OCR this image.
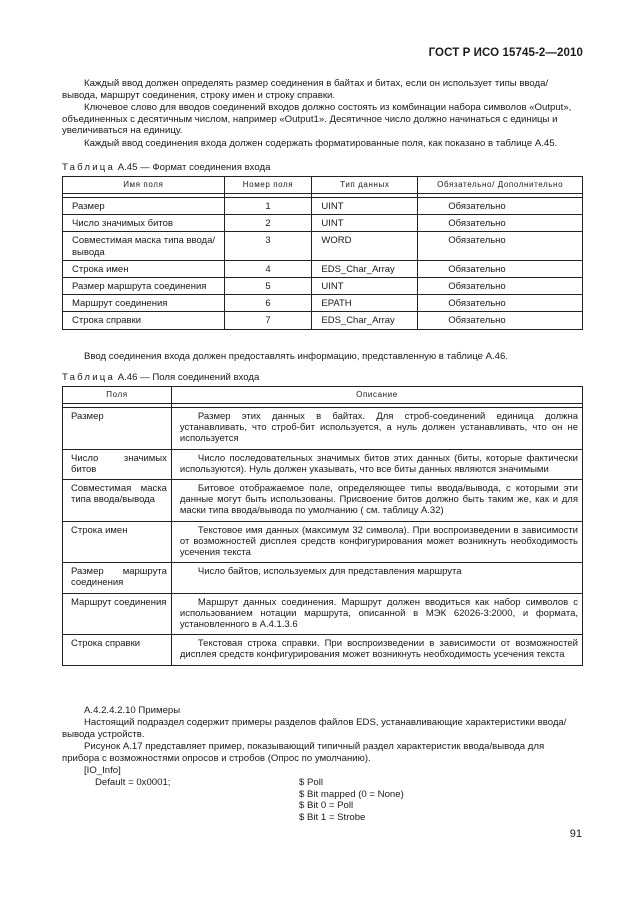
ГОСТ Р ИСО 15745-2—2010
Каждый ввод должен определять размер соединения в байтах и битах, если он использует типы ввода/вывода, маршрут соединения, строку имен и строку справки.
Ключевое слово для вводов соединений входов должно состоять из комбинации набора символов «Output», объединенных с десятичным числом, например «Output1». Десятичное число должно начинаться с единицы и увеличиваться на единицу.
Каждый ввод соединения входа должен содержать форматированные поля, как показано в таблице А.45.
Таблица А.45 — Формат соединения входа
Имя поля	Номер поля	Тип данных	Обязательно/ Дополнительно

Размер	1	UINT	Обязательно
Число значимых битов	2	UINT	Обязательно
Совместимая маска типа ввода/вывода	3	WORD	Обязательно
Строка имен	4	EDS_Char_Array	Обязательно
Размер маршрута соединения	5	UINT	Обязательно
Маршрут соединения	6	EPATH	Обязательно
Строка справки	7	EDS_Char_Array	Обязательно
Ввод соединения входа должен предоставлять информацию, представленную в таблице А.46.
Таблица А.46 — Поля соединений входа
Поля	Описание

Размер	Размер этих данных в байтах. Для строб-соединений единица должна устанавливать, что строб-бит используется, а нуль должен устанавливать, что он не используется
Число значимых битов	Число последовательных значимых битов этих данных (биты, которые фактически используются). Нуль должен указывать, что все биты данных являются значимыми
Совместимая маска типа ввода/вывода	Битовое отображаемое поле, определяющее типы ввода/вывода, с которыми эти данные могут быть использованы. Присвоение битов должно быть таким же, как и для маски типа ввода/вывода по умолчанию ( см. таблицу А.32)
Строка имен	Текстовое имя данных (максимум 32 символа). При воспроизведении в зависимости от возможностей дисплея средств конфигурирования может возникнуть необходимость усечения текста
Размер маршрута соединения	Число байтов, используемых для представления маршрута
Маршрут соединения	Маршрут данных соединения. Маршрут должен вводиться как набор символов с использованием нотации маршрута, описанной в МЭК 62026-3:2000, и формата, установленного в А.4.1.3.6
Строка справки	Текстовая строка справки. При воспроизведении в зависимости от возможностей дисплея средств конфигурирования может возникнуть необходимость усечения текста
А.4.2.4.2.10 Примеры
Настоящий подраздел содержит примеры разделов файлов EDS, устанавливающие характеристики ввода/вывода устройств.
Рисунок А.17 представляет пример, показывающий типичный раздел характеристик ввода/вывода для прибора с возможностями опросов и стробов (Опрос по умолчанию).
[IO_Info]
Default = 0x0001;	$ Poll
$ Bit mapped (0 = None)
$ Bit 0 = Poll
$ Bit 1 = Strobe
91
